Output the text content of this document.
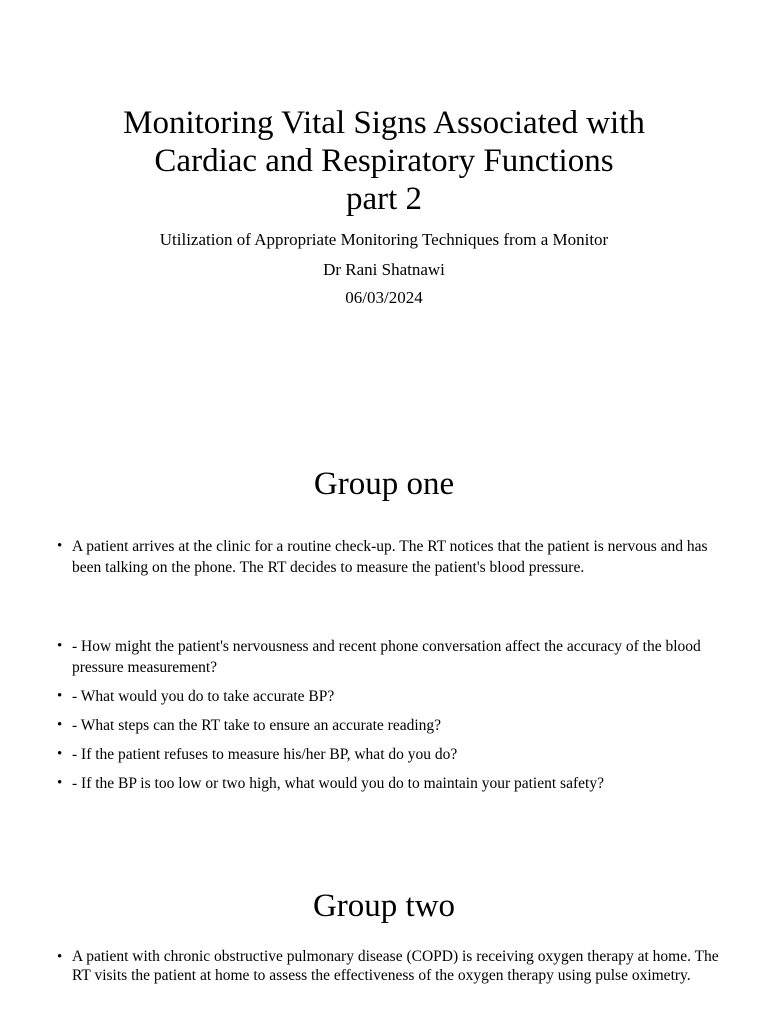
Monitoring Vital Signs Associated with
Cardiac and Respiratory Functions
part 2
Utilization of Appropriate Monitoring Techniques from a Monitor
Dr Rani Shatnawi
06/03/2024
Group one
• A patient arrives at the clinic for a routine check-up. The RT notices that the patient is nervous and has been talking on the phone. The RT decides to measure the patient's blood pressure.
• - How might the patient's nervousness and recent phone conversation affect the accuracy of the blood pressure measurement?
• - What would you do to take accurate BP?
• - What steps can the RT take to ensure an accurate reading?
• - If the patient refuses to measure his/her BP, what do you do?
• - If the BP is too low or two high, what would you do to maintain your patient safety?
Group two
• A patient with chronic obstructive pulmonary disease (COPD) is receiving oxygen therapy at home. The RT visits the patient at home to assess the effectiveness of the oxygen therapy using pulse oximetry.
